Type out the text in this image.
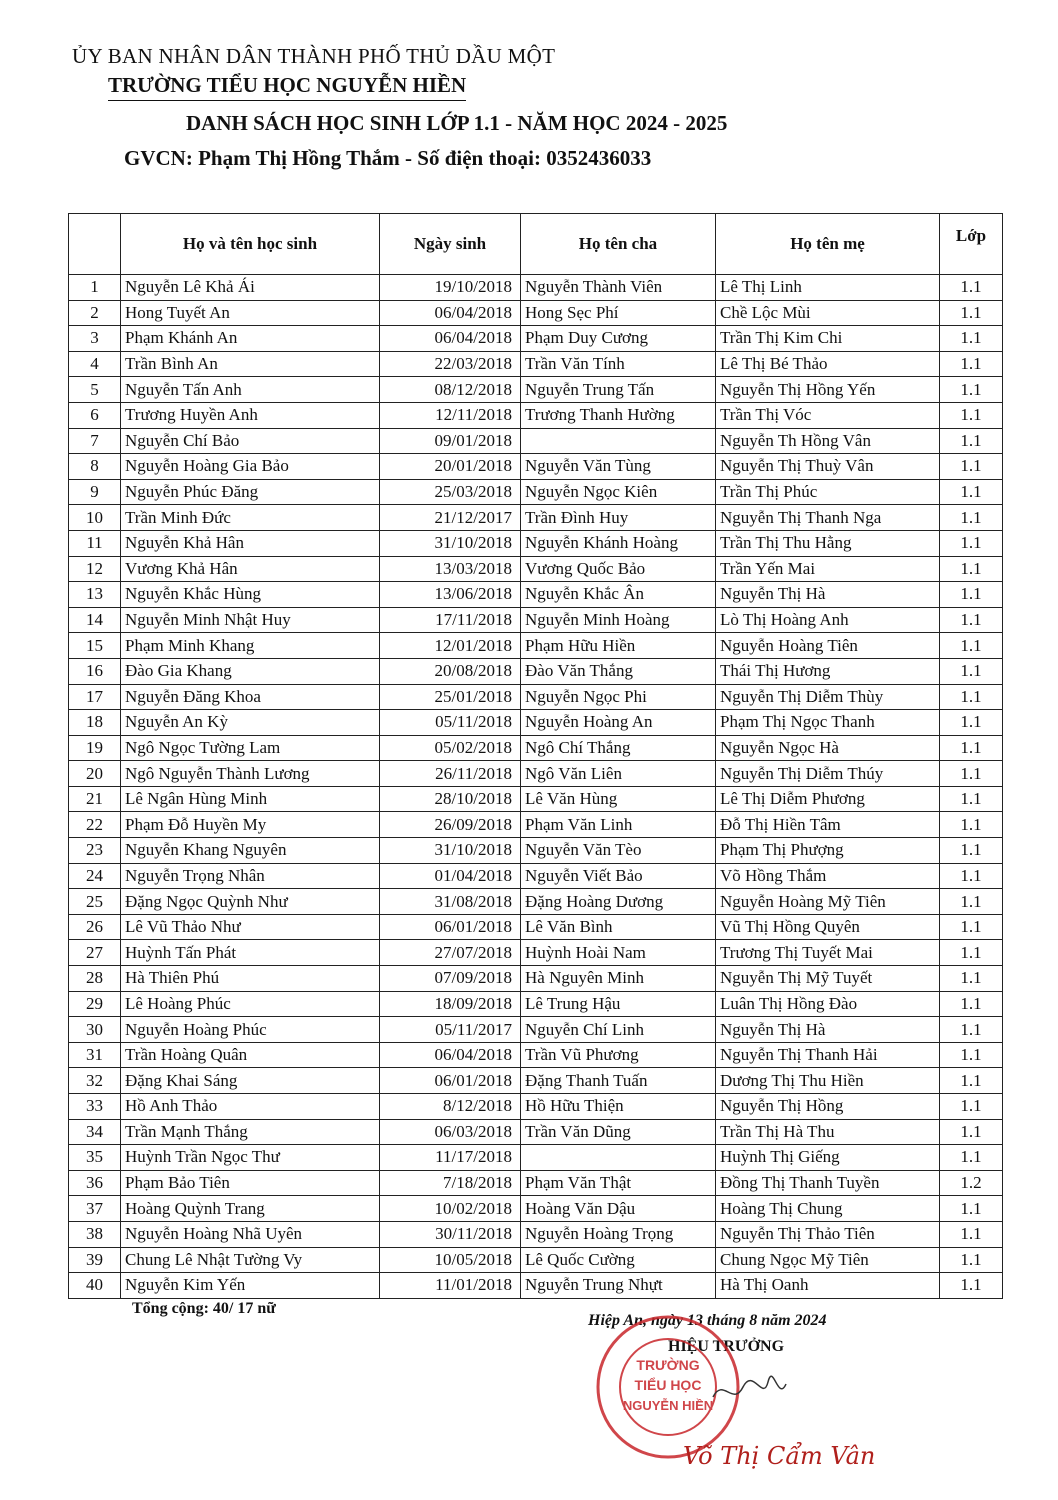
ỦY BAN NHÂN DÂN THÀNH PHỐ THỦ DẦU MỘT
TRƯỜNG TIỂU HỌC NGUYỄN HIỀN
DANH SÁCH HỌC SINH LỚP 1.1 - NĂM HỌC 2024 - 2025
GVCN: Phạm Thị Hồng Thắm - Số điện thoại: 0352436033
	Họ và tên học sinh	Ngày sinh	Họ tên cha	Họ tên mẹ	Lớp
1	Nguyễn Lê Khả Ái	19/10/2018	Nguyễn Thành Viên	Lê Thị Linh	1.1
2	Hong Tuyết An	06/04/2018	Hong Sẹc Phí	Chề Lộc Mùi	1.1
3	Phạm Khánh An	06/04/2018	Phạm Duy Cương	Trần Thị Kim Chi	1.1
4	Trần Bình An	22/03/2018	Trần Văn Tính	Lê Thị Bé Thảo	1.1
5	Nguyễn Tấn Anh	08/12/2018	Nguyễn Trung Tấn	Nguyễn Thị Hồng Yến	1.1
6	Trương Huyền Anh	12/11/2018	Trương Thanh Hường	Trần Thị Vóc	1.1
7	Nguyễn Chí Bảo	09/01/2018		Nguyễn Th Hồng Vân	1.1
8	Nguyễn Hoàng Gia Bảo	20/01/2018	Nguyễn Văn Tùng	Nguyễn Thị Thuỳ Vân	1.1
9	Nguyễn Phúc Đăng	25/03/2018	Nguyễn Ngọc Kiên	Trần Thị Phúc	1.1
10	Trần Minh Đức	21/12/2017	Trần Đình Huy	Nguyễn Thị Thanh Nga	1.1
11	Nguyễn Khả Hân	31/10/2018	Nguyễn Khánh Hoàng	Trần Thị Thu Hằng	1.1
12	Vương Khả Hân	13/03/2018	Vương Quốc Bảo	Trần Yến Mai	1.1
13	Nguyễn Khắc Hùng	13/06/2018	Nguyễn Khắc Ân	Nguyễn Thị Hà	1.1
14	Nguyễn Minh Nhật Huy	17/11/2018	Nguyễn Minh Hoàng	Lò Thị Hoàng Anh	1.1
15	Phạm Minh Khang	12/01/2018	Phạm Hữu Hiền	Nguyễn Hoàng Tiên	1.1
16	Đào Gia Khang	20/08/2018	Đào Văn Thắng	Thái Thị Hương	1.1
17	Nguyễn Đăng Khoa	25/01/2018	Nguyễn Ngọc Phi	Nguyễn Thị Diễm Thùy	1.1
18	Nguyễn An Kỳ	05/11/2018	Nguyễn Hoàng An	Phạm Thị Ngọc Thanh	1.1
19	Ngô Ngọc Tường Lam	05/02/2018	Ngô Chí Thắng	Nguyễn Ngọc Hà	1.1
20	Ngô Nguyễn Thành Lương	26/11/2018	Ngô Văn Liên	Nguyễn Thị Diễm Thúy	1.1
21	Lê Ngân Hùng Minh	28/10/2018	Lê Văn Hùng	Lê Thị Diễm Phương	1.1
22	Phạm Đỗ Huyền My	26/09/2018	Phạm Văn Linh	Đỗ Thị Hiền Tâm	1.1
23	Nguyễn Khang Nguyên	31/10/2018	Nguyễn Văn Tèo	Phạm Thị Phượng	1.1
24	Nguyễn Trọng Nhân	01/04/2018	Nguyễn Viết Bảo	Võ Hồng Thắm	1.1
25	Đặng Ngọc Quỳnh Như	31/08/2018	Đặng Hoàng Dương	Nguyễn Hoàng Mỹ Tiên	1.1
26	Lê Vũ Thảo Như	06/01/2018	Lê Văn Bình	Vũ Thị Hồng Quyên	1.1
27	Huỳnh Tấn Phát	27/07/2018	Huỳnh Hoài Nam	Trương Thị Tuyết Mai	1.1
28	Hà Thiên Phú	07/09/2018	Hà Nguyên Minh	Nguyễn Thị Mỹ Tuyết	1.1
29	Lê Hoàng Phúc	18/09/2018	Lê Trung Hậu	Luân Thị Hồng Đào	1.1
30	Nguyễn Hoàng Phúc	05/11/2017	Nguyễn Chí Linh	Nguyễn Thị Hà	1.1
31	Trần Hoàng Quân	06/04/2018	Trần Vũ Phương	Nguyễn Thị Thanh Hải	1.1
32	Đặng Khai Sáng	06/01/2018	Đặng Thanh Tuấn	Dương Thị Thu Hiền	1.1
33	Hồ Anh Thảo	8/12/2018	Hồ Hữu Thiện	Nguyễn Thị Hồng	1.1
34	Trần Mạnh Thắng	06/03/2018	Trần Văn Dũng	Trần Thị Hà Thu	1.1
35	Huỳnh Trần Ngọc Thư	11/17/2018		Huỳnh Thị Giếng	1.1
36	Phạm Bảo Tiên	7/18/2018	Phạm Văn Thật	Đồng Thị Thanh Tuyền	1.2
37	Hoàng Quỳnh Trang	10/02/2018	Hoàng Văn Dậu	Hoàng Thị Chung	1.1
38	Nguyễn Hoàng Nhã Uyên	30/11/2018	Nguyễn Hoàng Trọng	Nguyễn Thị Thảo Tiên	1.1
39	Chung Lê Nhật Tường Vy	10/05/2018	Lê Quốc Cường	Chung Ngọc Mỹ Tiên	1.1
40	Nguyễn Kim Yến	11/01/2018	Nguyễn Trung Nhựt	Hà Thị Oanh	1.1
Tổng cộng: 40/ 17 nữ
TRƯỜNG
TIỂU HỌC
NGUYỄN HIỀN
Hiệp An, ngày 13 tháng 8 năm 2024
HIỆU TRƯỞNG
Võ Thị Cẩm Vân
